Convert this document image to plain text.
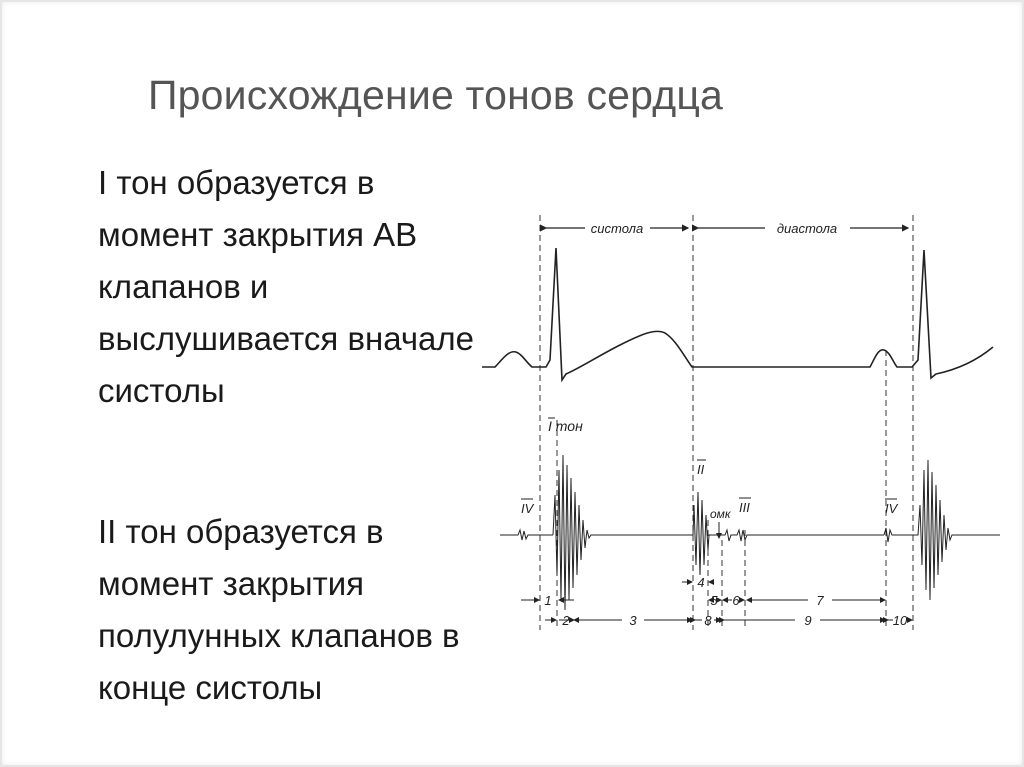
Происхождение тонов сердца
I тон образуется в
момент закрытия АВ
клапанов и
выслушивается вначале
систолы
II тон образуется в
момент закрытия
полулунных клапанов в
конце систолы
систола	диастола
I тон
II
омк III
IV	IV
1
2	3
4
5 6	7
8	9	10
